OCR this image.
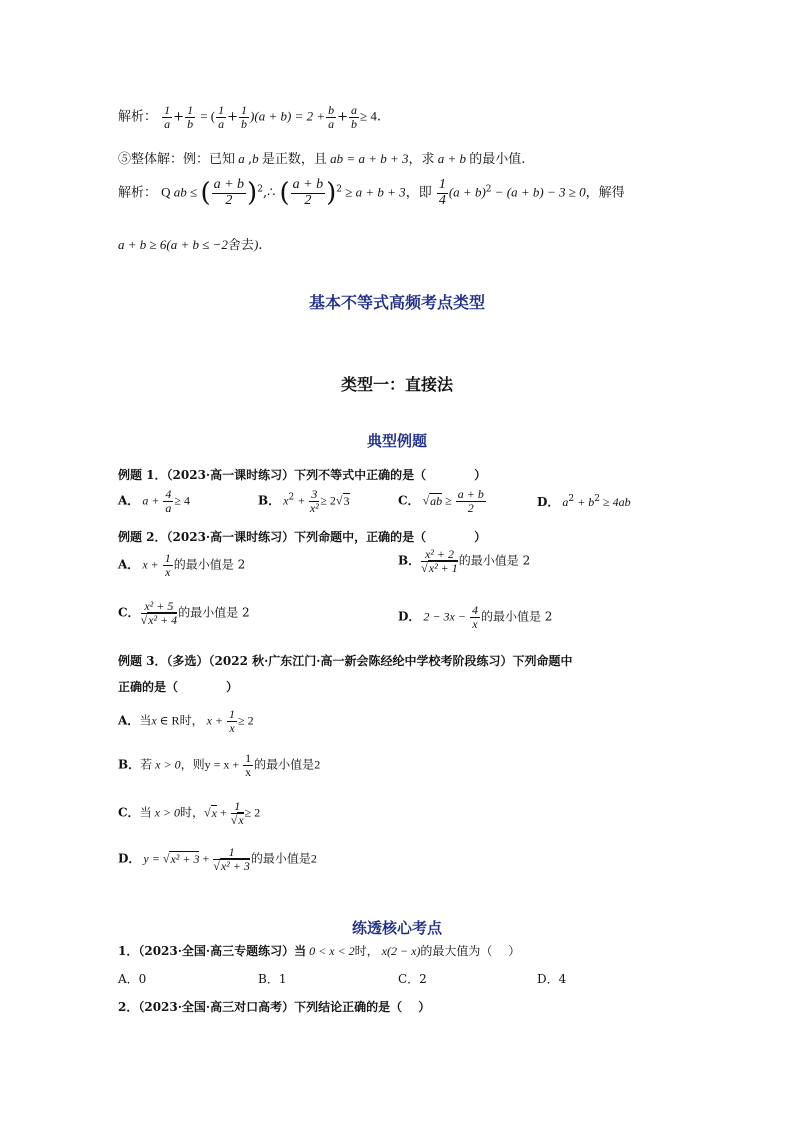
解析： $\frac{1}{a} + \frac{1}{b}$ = ( $\frac{1}{a} + \frac{1}{b} )(a + b) = 2 + \frac{b}{a} + \frac{a}{b} \ge 4$.
⑤整体解：例：已知 a ,b 是正数，且 ab = a + b + 3，求 a + b 的最小值.
解析： Q ab ≤ ( $\frac{a + b}{2}$ )$^2$,∴ ( $\frac{a + b}{2} )^2 \ge a + b + 3$，即 $\frac{1}{4} (a + b)^2 - (a + b) - 3 \ge 0$，解得
a + b ≥ 6(a + b ≤ −2舍去).
基本不等式高频考点类型
类型一：直接法
典型例题
例题 1．（2023·高一课时练习）下列不等式中正确的是（　　　　）
A． $a + \frac{4}{a} \ge 4$	B． $x^2 + \frac{3}{\text{x²}} \ge 2√3$	C． $√ab \ge \frac{a + b}{2}$	D． $a^2 + b^2 \ge 4ab$
例题 2．（2023·高一课时练习）下列命题中，正确的是（　　　　）
A． $x + \frac{1}{x}$ 的最小值是 2	B． $\frac{\text{x² + 2}}{\text{√x² + 1}}$ 的最小值是 2
C． $\frac{\text{x² + 5}}{\text{√x² + 4}}$ 的最小值是 2	D． $2 - 3x - \frac{4}{x}$ 的最小值是 2
例题 3．（多选）（2022 秋·广东江门·高一新会陈经纶中学校考阶段练习）下列命题中
正确的是（　　　　）
A．当x ∈ R时， $x + \frac{1}{x} \ge 2$
B．若 x > 0，则$y = x + \frac{1}{x}$ 的最小值是2
C．当 x > 0时，$√x + \frac{1}{√x} \ge 2$
D． $y = √x^2 + 3 + \frac{1}{\text{√x² + 3}}$ 的最小值是2
练透核心考点
1．（2023·全国·高三专题练习）当 0 < x < 2时， x(2 − x)的最大值为（　 ）
A．0	B．1	C．2	D．4
2．（2023·全国·高三对口高考）下列结论正确的是（　 ）
